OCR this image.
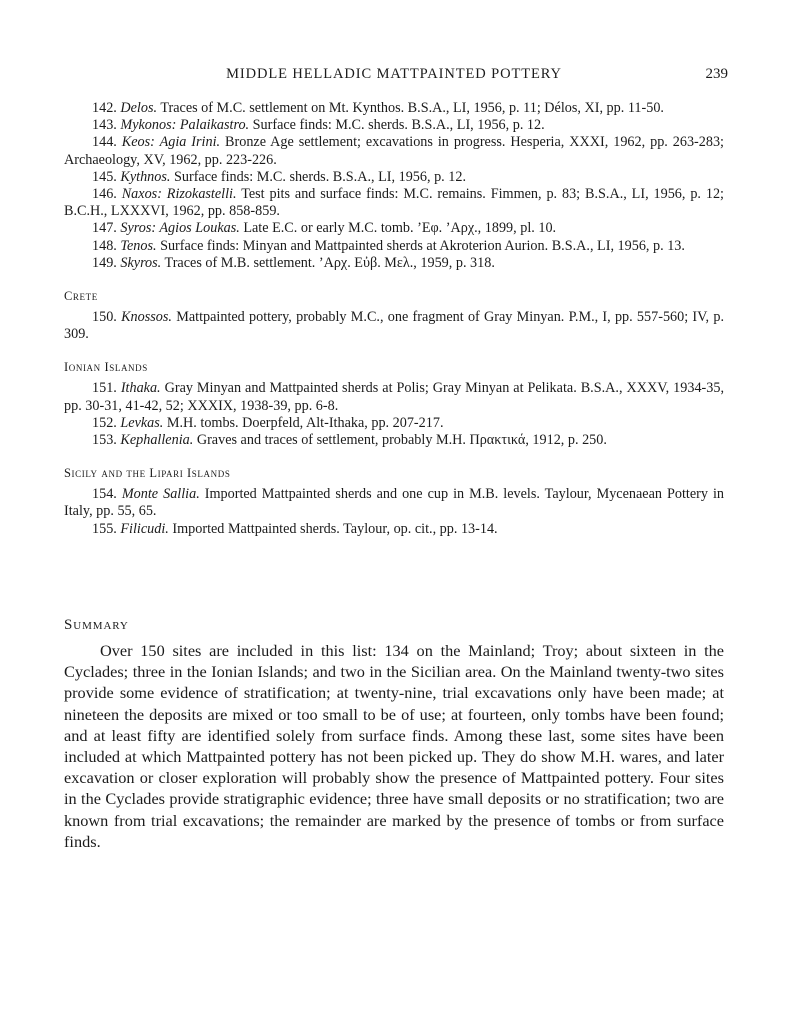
MIDDLE HELLADIC MATTPAINTED POTTERY	239

142. Delos. Traces of M.C. settlement on Mt. Kynthos. B.S.A., LI, 1956, p. 11; Délos, XI, pp. 11-50.

143. Mykonos: Palaikastro. Surface finds: M.C. sherds. B.S.A., LI, 1956, p. 12.

144. Keos: Agia Irini. Bronze Age settlement; excavations in progress. Hesperia, XXXI, 1962, pp. 263-283; Archaeology, XV, 1962, pp. 223-226.

145. Kythnos. Surface finds: M.C. sherds. B.S.A., LI, 1956, p. 12.

146. Naxos: Rizokastelli. Test pits and surface finds: M.C. remains. Fimmen, p. 83; B.S.A., LI, 1956, p. 12; B.C.H., LXXXVI, 1962, pp. 858-859.

147. Syros: Agios Loukas. Late E.C. or early M.C. tomb. ’Εφ. ’Αρχ., 1899, pl. 10.

148. Tenos. Surface finds: Minyan and Mattpainted sherds at Akroterion Aurion. B.S.A., LI, 1956, p. 13.

149. Skyros. Traces of M.B. settlement. ’Αρχ. Εὐβ. Μελ., 1959, p. 318.

Crete

150. Knossos. Mattpainted pottery, probably M.C., one fragment of Gray Minyan. P.M., I, pp. 557-560; IV, p. 309.

Ionian Islands

151. Ithaka. Gray Minyan and Mattpainted sherds at Polis; Gray Minyan at Pelikata. B.S.A., XXXV, 1934-35, pp. 30-31, 41-42, 52; XXXIX, 1938-39, pp. 6-8.

152. Levkas. M.H. tombs. Doerpfeld, Alt-Ithaka, pp. 207-217.

153. Kephallenia. Graves and traces of settlement, probably M.H. Πρακτικά, 1912, p. 250.

Sicily and the Lipari Islands

154. Monte Sallia. Imported Mattpainted sherds and one cup in M.B. levels. Taylour, Mycenaean Pottery in Italy, pp. 55, 65.

155. Filicudi. Imported Mattpainted sherds. Taylour, op. cit., pp. 13-14.

Summary

Over 150 sites are included in this list: 134 on the Mainland; Troy; about sixteen in the Cyclades; three in the Ionian Islands; and two in the Sicilian area. On the Mainland twenty-two sites provide some evidence of stratification; at twenty-nine, trial excavations only have been made; at nineteen the deposits are mixed or too small to be of use; at fourteen, only tombs have been found; and at least fifty are identified solely from surface finds. Among these last, some sites have been included at which Mattpainted pottery has not been picked up. They do show M.H. wares, and later excavation or closer exploration will probably show the presence of Mattpainted pottery. Four sites in the Cyclades provide stratigraphic evidence; three have small deposits or no stratification; two are known from trial excavations; the remainder are marked by the presence of tombs or from surface finds.
